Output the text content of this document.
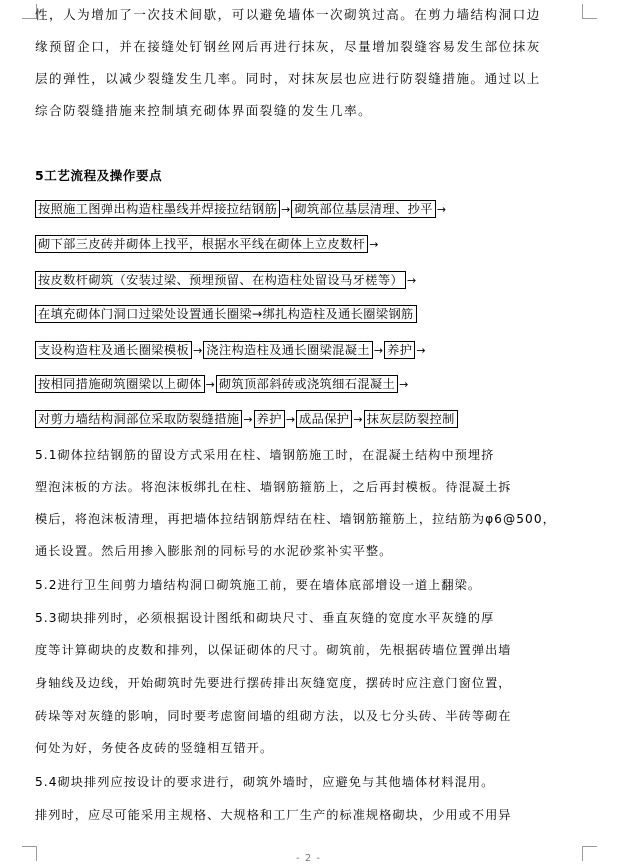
性，人为增加了一次技术间歇，可以避免墙体一次砌筑过高。在剪力墙结构洞口边
缘预留企口，并在接缝处钉钢丝网后再进行抹灰，尽量增加裂缝容易发生部位抹灰
层的弹性，以减少裂缝发生几率。同时，对抹灰层也应进行防裂缝措施。通过以上
综合防裂缝措施来控制填充砌体界面裂缝的发生几率。
5工艺流程及操作要点
按照施工图弹出构造柱墨线并焊接拉结钢筋 → 砌筑部位基层清理、抄平 →
砌下部三皮砖并砌体上找平，根据水平线在砌体上立皮数杆 →
按皮数杆砌筑（安装过梁、预埋预留、在构造柱处留设马牙槎等） →
在填充砌体门洞口过梁处设置通长圈梁→绑扎构造柱及通长圈梁钢筋
支设构造柱及通长圈梁模板 → 浇注构造柱及通长圈梁混凝土 → 养护 →
按相同措施砌筑圈梁以上砌体 → 砌筑顶部斜砖或浇筑细石混凝土 →
对剪力墙结构洞部位采取防裂缝措施 → 养护 → 成品保护 → 抹灰层防裂控制
5.1砌体拉结钢筋的留设方式采用在柱、墙钢筋施工时，在混凝土结构中预埋挤
塑泡沫板的方法。将泡沫板绑扎在柱、墙钢筋箍筋上，之后再封模板。待混凝土拆
模后，将泡沫板清理，再把墙体拉结钢筋焊结在柱、墙钢筋箍筋上，拉结筋为φ6@500，
通长设置。然后用掺入膨胀剂的同标号的水泥砂浆补实平整。
5.2进行卫生间剪力墙结构洞口砌筑施工前，要在墙体底部增设一道上翻梁。
5.3砌块排列时，必须根据设计图纸和砌块尺寸、垂直灰缝的宽度水平灰缝的厚
度等计算砌块的皮数和排列，以保证砌体的尺寸。砌筑前，先根据砖墙位置弹出墙
身轴线及边线，开始砌筑时先要进行摆砖排出灰缝宽度，摆砖时应注意门窗位置，
砖垛等对灰缝的影响，同时要考虑窗间墙的组砌方法，以及七分头砖、半砖等砌在
何处为好，务使各皮砖的竖缝相互错开。
5.4砌块排列应按设计的要求进行，砌筑外墙时，应避免与其他墙体材料混用。
排列时，应尽可能采用主规格、大规格和工厂生产的标准规格砌块，少用或不用异
- 2 -
